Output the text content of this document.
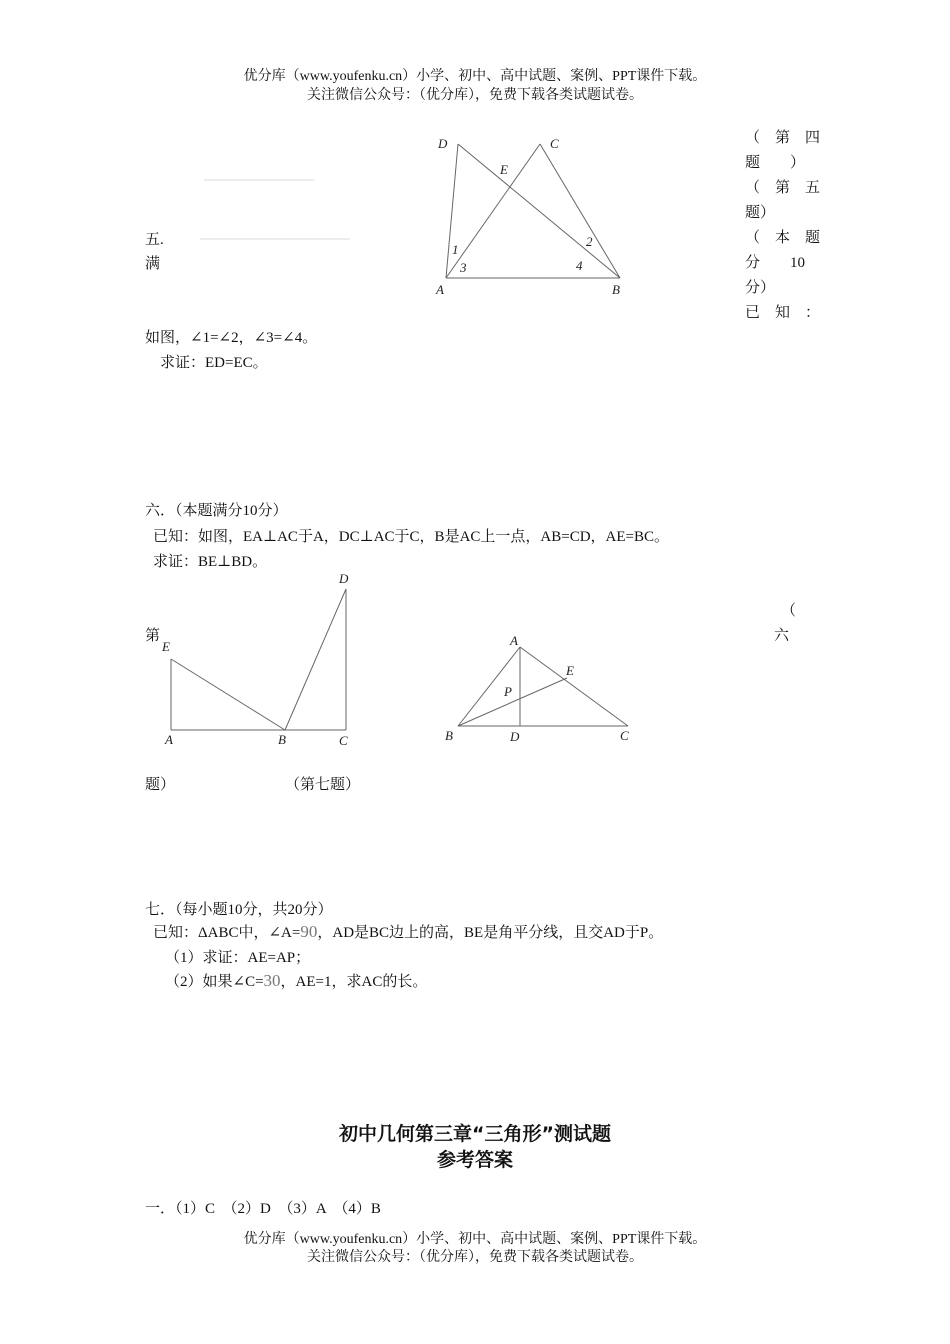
优分库（www.youfenku.cn）小学、初中、高中试题、案例、PPT课件下载。
关注微信公众号：（优分库），免费下载各类试题试卷。
（　第　四
题　　）
（　第　五
题）
（　本　题
分　　10
分）
已　知　：
五.
满
D	C
E
1
2
3	4
A	B
如图，∠1=∠2，∠3=∠4。
求证：ED=EC。
六．（本题满分10分）
已知：如图，EA⊥AC于A，DC⊥AC于C，B是AC上一点，AB=CD，AE=BC。
求证：BE⊥BD。
第
题）	（第七题）
（
六
D
E
A	B	C
A
E
P
B	D	C
七．（每小题10分，共20分）
已知：ΔABC中，∠A=90，AD是BC边上的高，BE是角平分线，且交AD于P。
（1）求证：AE=AP；
（2）如果∠C=30，AE=1，求AC的长。
初中几何第三章“三角形”测试题
参考答案
一．（1）C　（2）D　（3）A　（4）B
优分库（www.youfenku.cn）小学、初中、高中试题、案例、PPT课件下载。
关注微信公众号：（优分库），免费下载各类试题试卷。
